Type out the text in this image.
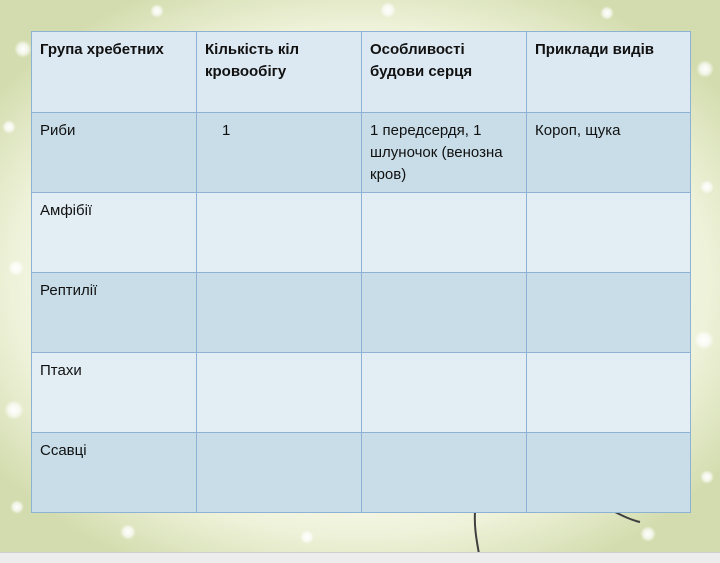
Група хребетних	Кількість кіл кровообігу	Особливості будови серця	Приклади видів
Риби	1	1 передсердя, 1 шлуночок (венозна кров)	Короп, щука
Амфібії			
Рептилії			
Птахи			
Ссавці			
